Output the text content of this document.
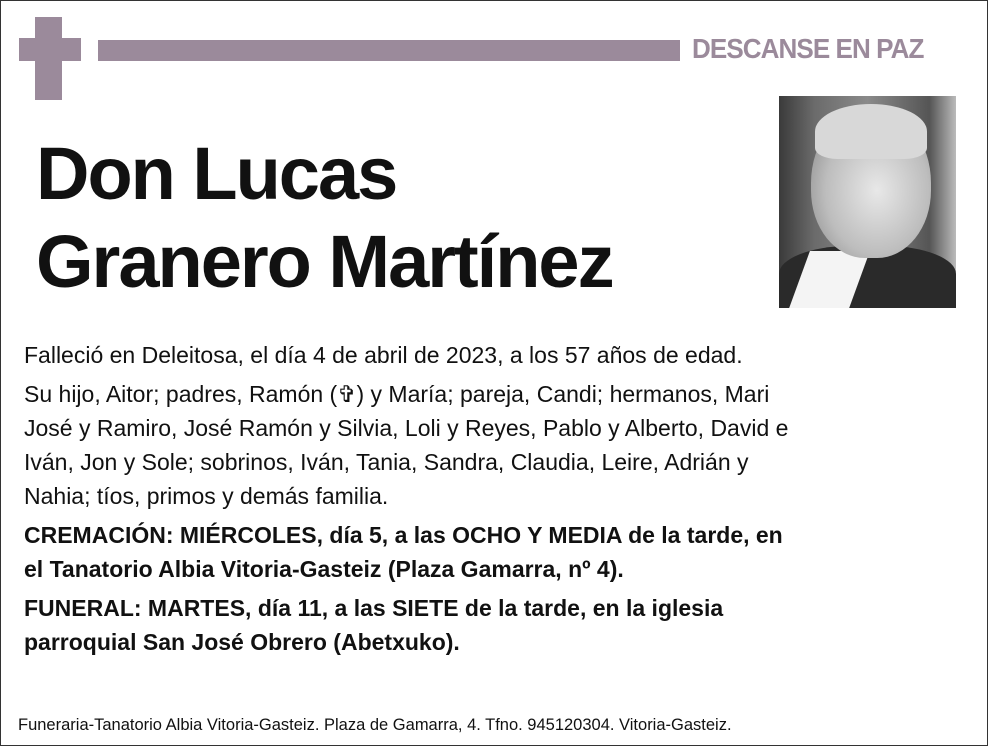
DESCANSE EN PAZ
Don Lucas
Granero Martínez
Falleció en Deleitosa, el día 4 de abril de 2023, a los 57 años de edad.
Su hijo, Aitor; padres, Ramón (✞) y María; pareja, Candi; hermanos, Mari
José y Ramiro, José Ramón y Silvia, Loli y Reyes, Pablo y Alberto, David e
Iván, Jon y Sole; sobrinos, Iván, Tania, Sandra, Claudia, Leire, Adrián y
Nahia; tíos, primos y demás familia.
CREMACIÓN: MIÉRCOLES, día 5, a las OCHO Y MEDIA de la tarde, en
el Tanatorio Albia Vitoria-Gasteiz (Plaza Gamarra, nº 4).
FUNERAL: MARTES, día 11, a las SIETE de la tarde, en la iglesia
parroquial San José Obrero (Abetxuko).
Funeraria-Tanatorio Albia Vitoria-Gasteiz. Plaza de Gamarra, 4. Tfno. 945120304. Vitoria-Gasteiz.
